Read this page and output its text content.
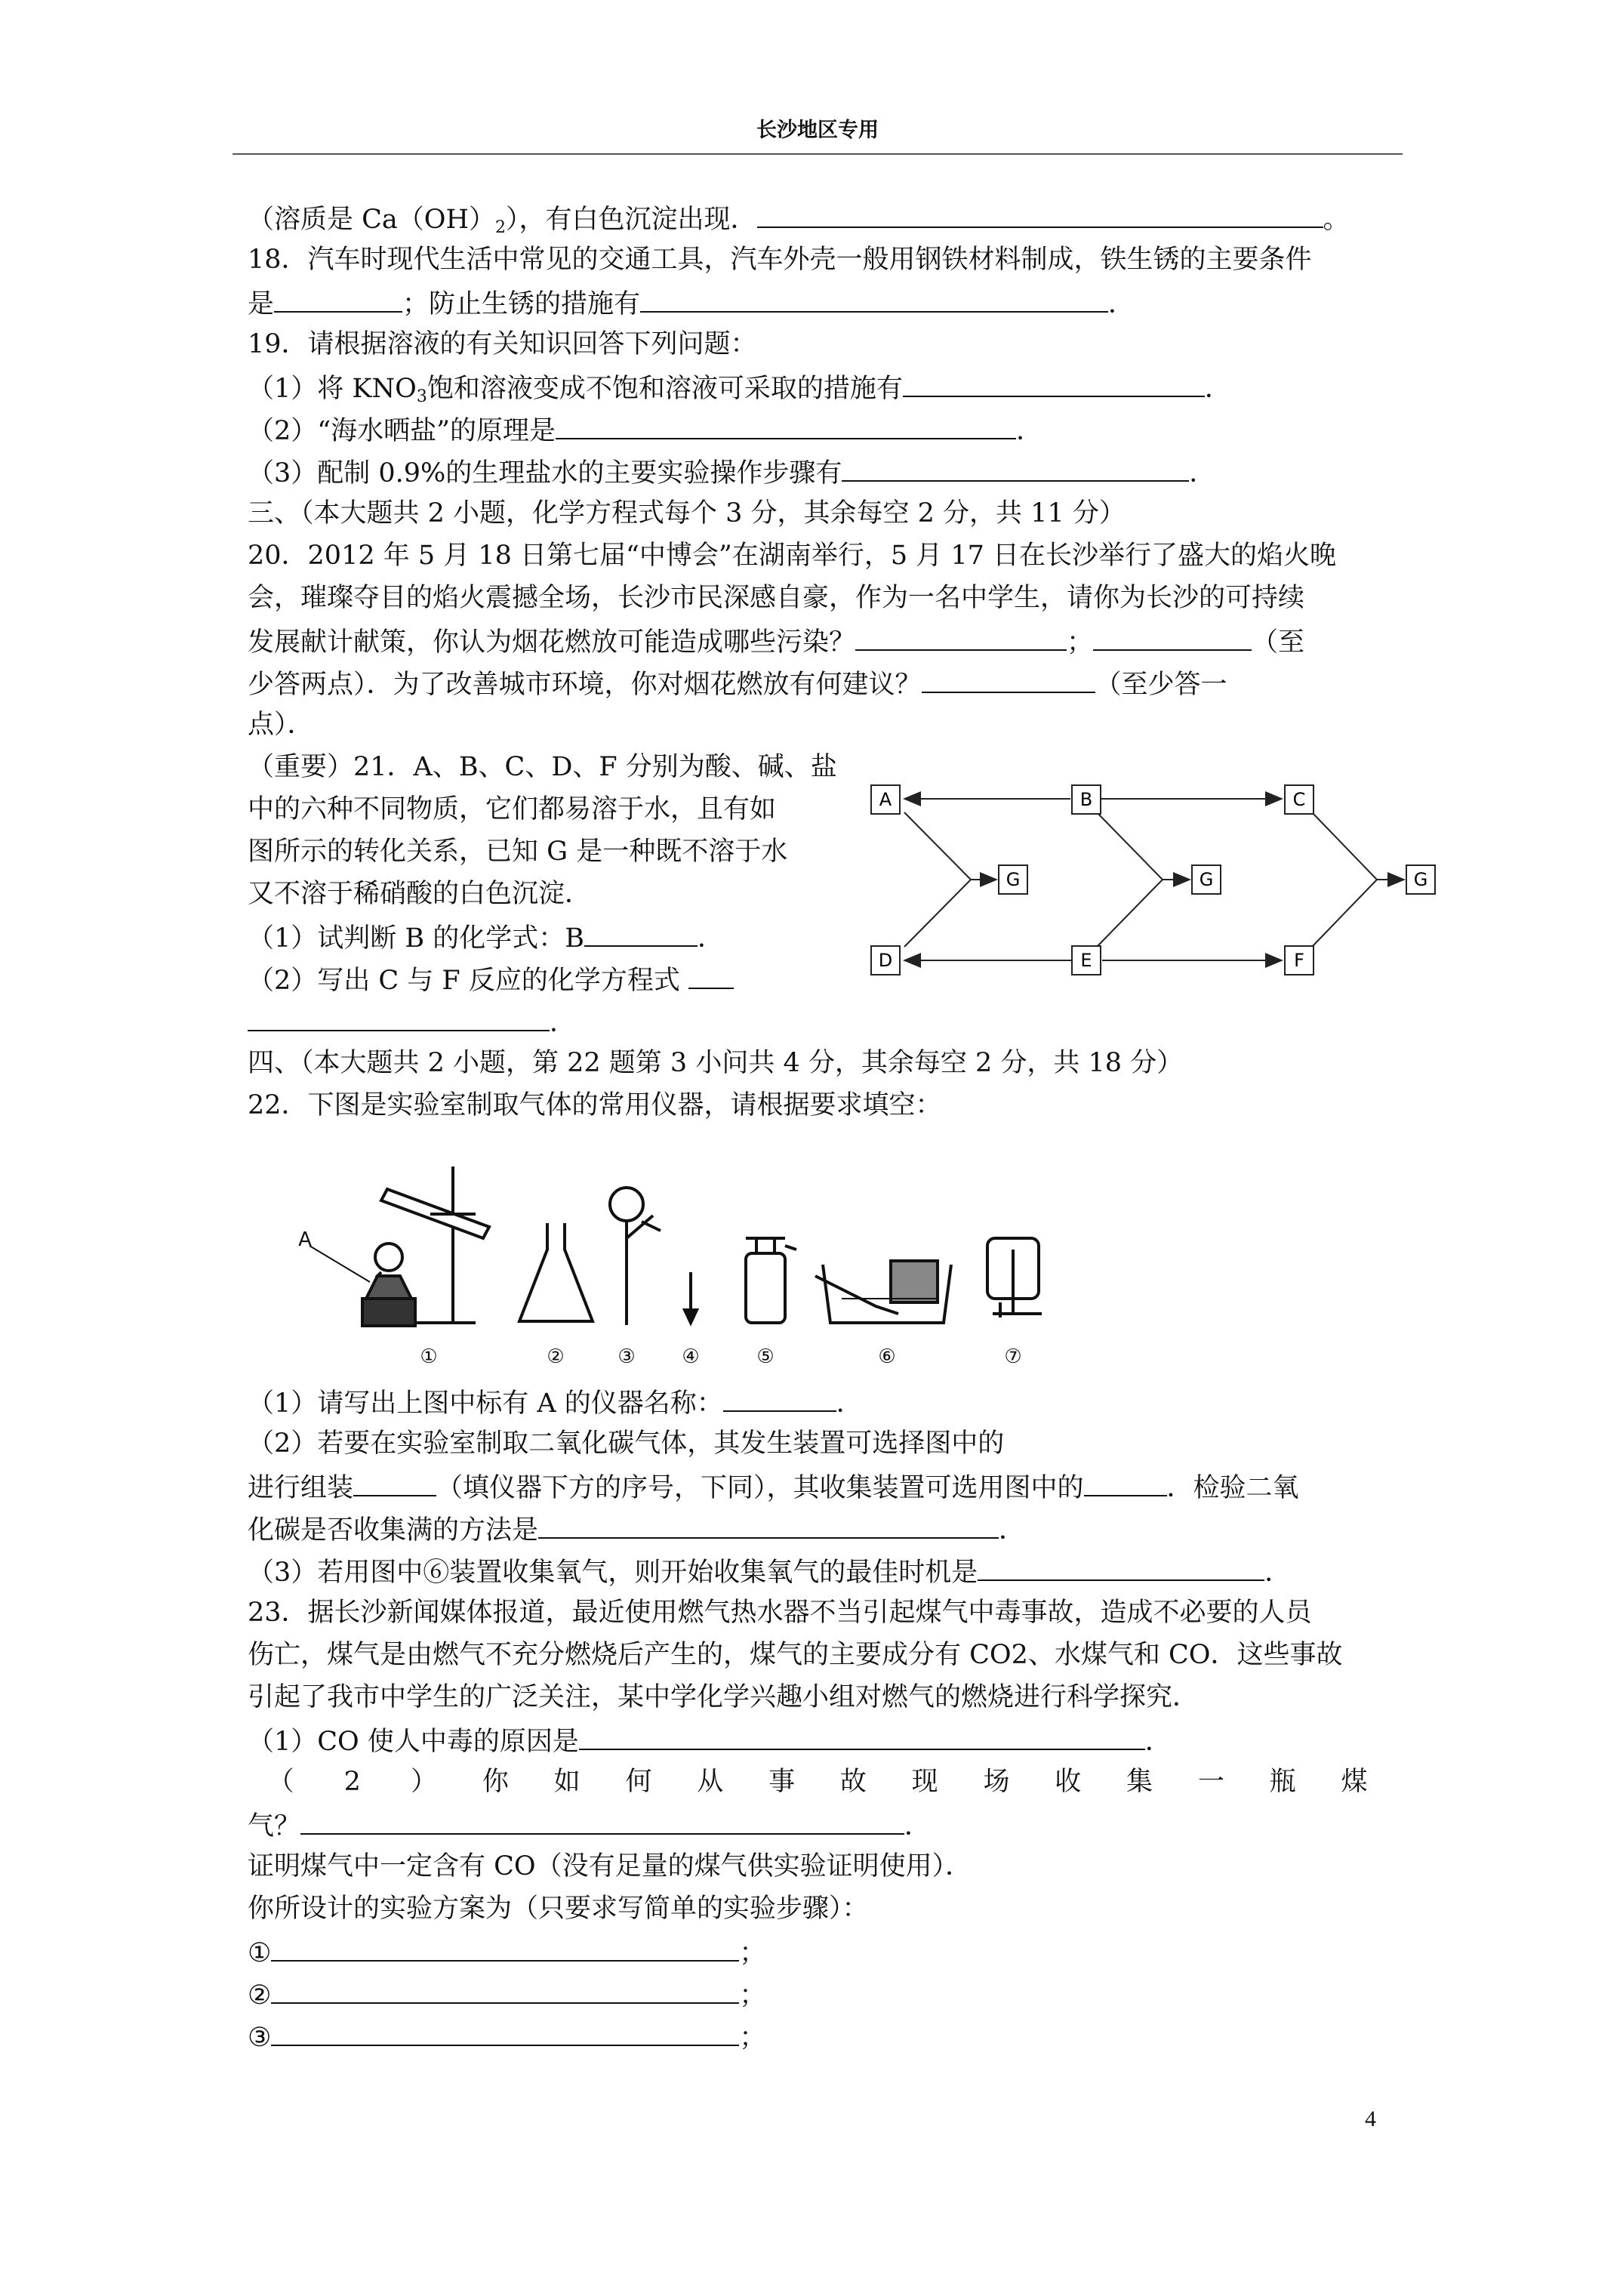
长沙地区专用
（溶质是 $Ca(OH)_2$），有白色沉淀出现．	。
18．汽车时现代生活中常见的交通工具，汽车外壳一般用钢铁材料制成，铁生锈的主要条件
是	；防止生锈的措施有	．
19．请根据溶液的有关知识回答下列问题：
（1）将 $KNO_3$饱和溶液变成不饱和溶液可采取的措施有	．
（2）“海水晒盐”的原理是	．
（3）配制 0.9%的生理盐水的主要实验操作步骤有	．
三、（本大题共 2 小题，化学方程式每个 3 分，其余每空 2 分，共 11 分）
20．2012 年 5 月 18 日第七届“中博会”在湖南举行，5 月 17 日在长沙举行了盛大的焰火晚
会，璀璨夺目的焰火震撼全场，长沙市民深感自豪，作为一名中学生，请你为长沙的可持续
发展献计献策，你认为烟花燃放可能造成哪些污染？	；	（至
少答两点）．为了改善城市环境，你对烟花燃放有何建议？	（至少答一
点）．
（重要）21．A、B、C、D、F 分别为酸、碱、盐
中的六种不同物质，它们都易溶于水，且有如
图所示的转化关系，已知 G 是一种既不溶于水
又不溶于稀硝酸的白色沉淀．
（1）试判断 B 的化学式：B	．
（2）写出 C 与 F 反应的化学方程式
．
四、（本大题共 2 小题，第 22 题第 3 小问共 4 分，其余每空 2 分，共 18 分）
22．下图是实验室制取气体的常用仪器，请根据要求填空：
（1）请写出上图中标有 A 的仪器名称：	．
（2）若要在实验室制取二氧化碳气体，其发生装置可选择图中的
进行组装	（填仪器下方的序号，下同），其收集装置可选用图中的	．检验二氧
化碳是否收集满的方法是	．
（3）若用图中⑥装置收集氧气，则开始收集氧气的最佳时机是	．
23．据长沙新闻媒体报道，最近使用燃气热水器不当引起煤气中毒事故，造成不必要的人员
伤亡，煤气是由燃气不充分燃烧后产生的，煤气的主要成分有 CO2、水煤气和 CO．这些事故
引起了我市中学生的广泛关注，某中学化学兴趣小组对燃气的燃烧进行科学探究．
（1）CO 使人中毒的原因是	．
（	2	）	你	如	何	从	事	故	现	场	收	集	一	瓶	煤
气？	．
证明煤气中一定含有 CO（没有足量的煤气供实验证明使用）．
你所设计的实验方案为（只要求写简单的实验步骤）：
①	；
②	；
③	；
A	B	C
D	E	F
G	G	G
A
①	②	③ ④	⑤	⑥	⑦
4
